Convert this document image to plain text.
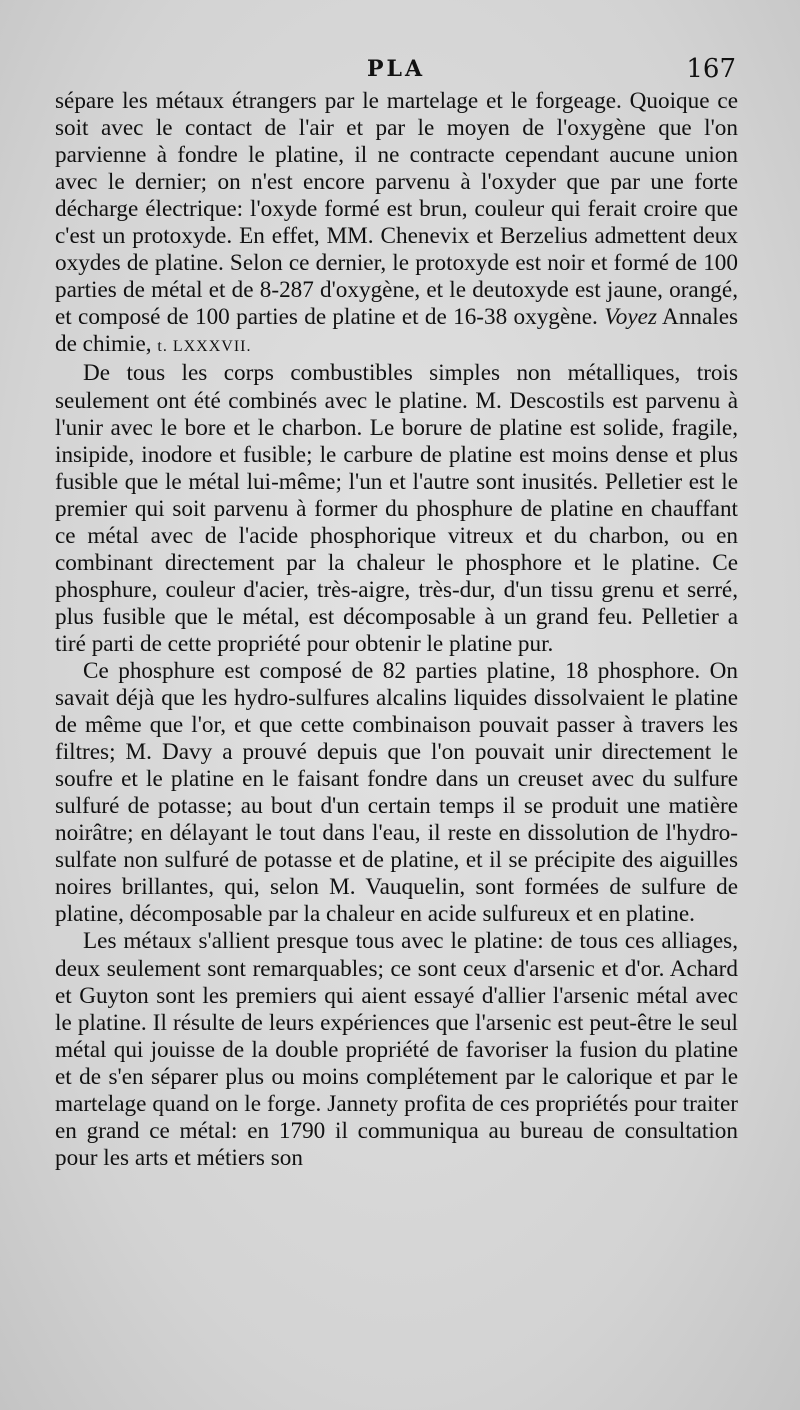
PLA	167

sépare les métaux étrangers par le martelage et le forgeage. Quoique ce soit avec le contact de l'air et par le moyen de l'oxygène que l'on parvienne à fondre le platine, il ne contracte cependant aucune union avec le dernier; on n'est encore parvenu à l'oxyder que par une forte décharge électrique: l'oxyde formé est brun, couleur qui ferait croire que c'est un protoxyde. En effet, MM. Chenevix et Berzelius admettent deux oxydes de platine. Selon ce dernier, le protoxyde est noir et formé de 100 parties de métal et de 8-287 d'oxygène, et le deutoxyde est jaune, orangé, et composé de 100 parties de platine et de 16-38 oxygène. Voyez Annales de chimie, t. LXXXVII.

De tous les corps combustibles simples non métalliques, trois seulement ont été combinés avec le platine. M. Descostils est parvenu à l'unir avec le bore et le charbon. Le borure de platine est solide, fragile, insipide, inodore et fusible; le carbure de platine est moins dense et plus fusible que le métal lui-même; l'un et l'autre sont inusités. Pelletier est le premier qui soit parvenu à former du phosphure de platine en chauffant ce métal avec de l'acide phosphorique vitreux et du charbon, ou en combinant directement par la chaleur le phosphore et le platine. Ce phosphure, couleur d'acier, très-aigre, très-dur, d'un tissu grenu et serré, plus fusible que le métal, est décomposable à un grand feu. Pelletier a tiré parti de cette propriété pour obtenir le platine pur.

Ce phosphure est composé de 82 parties platine, 18 phosphore. On savait déjà que les hydro-sulfures alcalins liquides dissolvaient le platine de même que l'or, et que cette combinaison pouvait passer à travers les filtres; M. Davy a prouvé depuis que l'on pouvait unir directement le soufre et le platine en le faisant fondre dans un creuset avec du sulfure sulfuré de potasse; au bout d'un certain temps il se produit une matière noirâtre; en délayant le tout dans l'eau, il reste en dissolution de l'hydro-sulfate non sulfuré de potasse et de platine, et il se précipite des aiguilles noires brillantes, qui, selon M. Vauquelin, sont formées de sulfure de platine, décomposable par la chaleur en acide sulfureux et en platine.

Les métaux s'allient presque tous avec le platine: de tous ces alliages, deux seulement sont remarquables; ce sont ceux d'arsenic et d'or. Achard et Guyton sont les premiers qui aient essayé d'allier l'arsenic métal avec le platine. Il résulte de leurs expériences que l'arsenic est peut-être le seul métal qui jouisse de la double propriété de favoriser la fusion du platine et de s'en séparer plus ou moins complétement par le calorique et par le martelage quand on le forge. Jannety profita de ces propriétés pour traiter en grand ce métal: en 1790 il communiqua au bureau de consultation pour les arts et métiers son
